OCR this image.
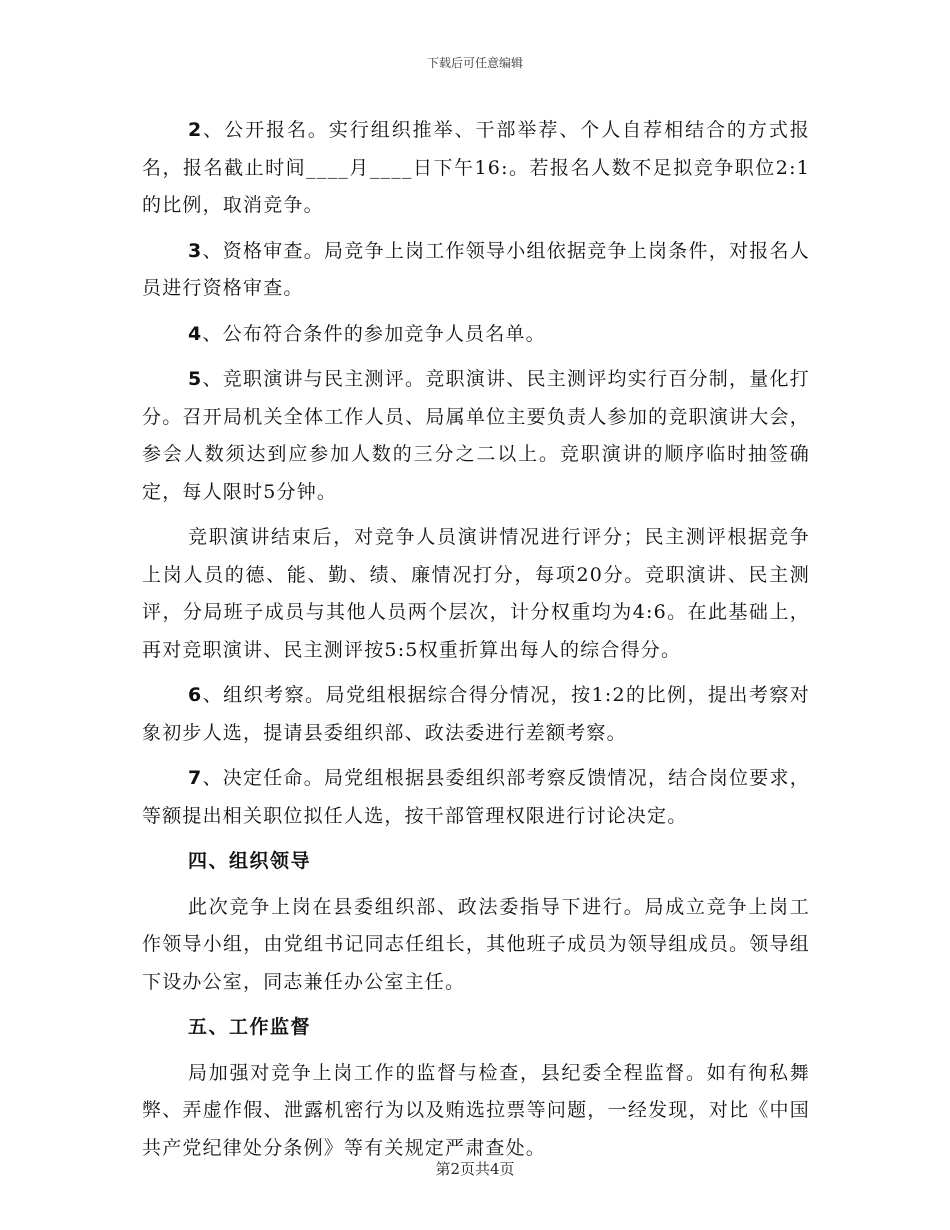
下载后可任意编辑

2、公开报名。实行组织推举、干部举荐、个人自荐相结合的方式报名，报名截止时间____月____日下午16:。若报名人数不足拟竞争职位2:1的比例，取消竞争。

3、资格审查。局竞争上岗工作领导小组依据竞争上岗条件，对报名人员进行资格审查。

4、公布符合条件的参加竞争人员名单。

5、竞职演讲与民主测评。竞职演讲、民主测评均实行百分制，量化打分。召开局机关全体工作人员、局属单位主要负责人参加的竞职演讲大会，参会人数须达到应参加人数的三分之二以上。竞职演讲的顺序临时抽签确定，每人限时5分钟。

竞职演讲结束后，对竞争人员演讲情况进行评分；民主测评根据竞争上岗人员的德、能、勤、绩、廉情况打分，每项20分。竞职演讲、民主测评，分局班子成员与其他人员两个层次，计分权重均为4:6。在此基础上，再对竞职演讲、民主测评按5:5权重折算出每人的综合得分。

6、组织考察。局党组根据综合得分情况，按1:2的比例，提出考察对象初步人选，提请县委组织部、政法委进行差额考察。

7、决定任命。局党组根据县委组织部考察反馈情况，结合岗位要求，等额提出相关职位拟任人选，按干部管理权限进行讨论决定。

四、组织领导

此次竞争上岗在县委组织部、政法委指导下进行。局成立竞争上岗工作领导小组，由党组书记同志任组长，其他班子成员为领导组成员。领导组下设办公室，同志兼任办公室主任。

五、工作监督

局加强对竞争上岗工作的监督与检查，县纪委全程监督。如有徇私舞弊、弄虚作假、泄露机密行为以及贿选拉票等问题，一经发现，对比《中国共产党纪律处分条例》等有关规定严肃查处。

第2页共4页
